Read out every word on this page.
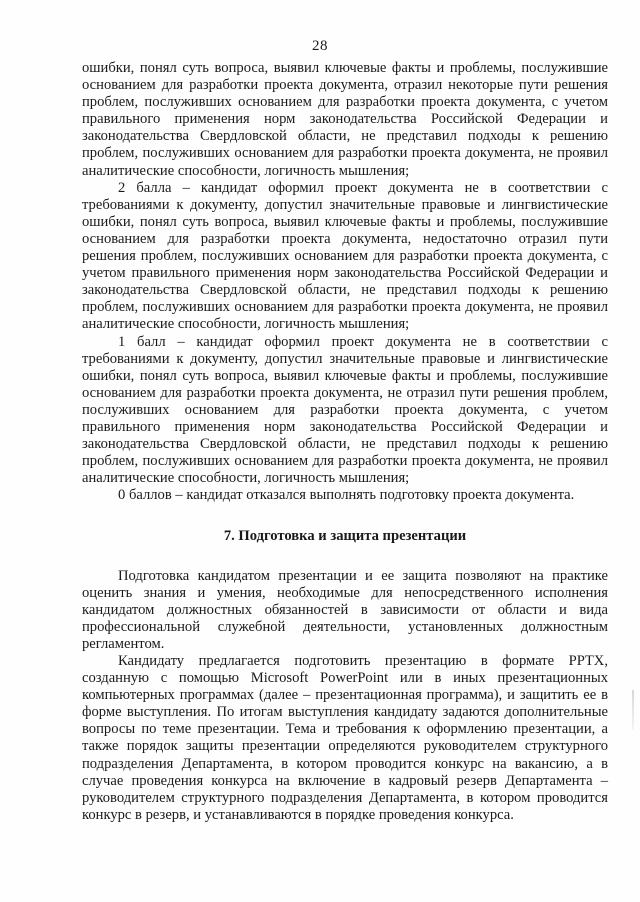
28

ошибки, понял суть вопроса, выявил ключевые факты и проблемы, послужившие основанием для разработки проекта документа, отразил некоторые пути решения проблем, послуживших основанием для разработки проекта документа, с учетом правильного применения норм законодательства Российской Федерации и законодательства Свердловской области, не представил подходы к решению проблем, послуживших основанием для разработки проекта документа, не проявил аналитические способности, логичность мышления;

2 балла – кандидат оформил проект документа не в соответствии с требованиями к документу, допустил значительные правовые и лингвистические ошибки, понял суть вопроса, выявил ключевые факты и проблемы, послужившие основанием для разработки проекта документа, недостаточно отразил пути решения проблем, послуживших основанием для разработки проекта документа, с учетом правильного применения норм законодательства Российской Федерации и законодательства Свердловской области, не представил подходы к решению проблем, послуживших основанием для разработки проекта документа, не проявил аналитические способности, логичность мышления;

1 балл – кандидат оформил проект документа не в соответствии с требованиями к документу, допустил значительные правовые и лингвистические ошибки, понял суть вопроса, выявил ключевые факты и проблемы, послужившие основанием для разработки проекта документа, не отразил пути решения проблем, послуживших основанием для разработки проекта документа, с учетом правильного применения норм законодательства Российской Федерации и законодательства Свердловской области, не представил подходы к решению проблем, послуживших основанием для разработки проекта документа, не проявил аналитические способности, логичность мышления;

0 баллов – кандидат отказался выполнять подготовку проекта документа.

7. Подготовка и защита презентации

Подготовка кандидатом презентации и ее защита позволяют на практике оценить знания и умения, необходимые для непосредственного исполнения кандидатом должностных обязанностей в зависимости от области и вида профессиональной служебной деятельности, установленных должностным регламентом.

Кандидату предлагается подготовить презентацию в формате PPTX, созданную с помощью Microsoft PowerPoint или в иных презентационных компьютерных программах (далее – презентационная программа), и защитить ее в форме выступления. По итогам выступления кандидату задаются дополнительные вопросы по теме презентации. Тема и требования к оформлению презентации, а также порядок защиты презентации определяются руководителем структурного подразделения Департамента, в котором проводится конкурс на вакансию, а в случае проведения конкурса на включение в кадровый резерв Департамента – руководителем структурного подразделения Департамента, в котором проводится конкурс в резерв, и устанавливаются в порядке проведения конкурса.
